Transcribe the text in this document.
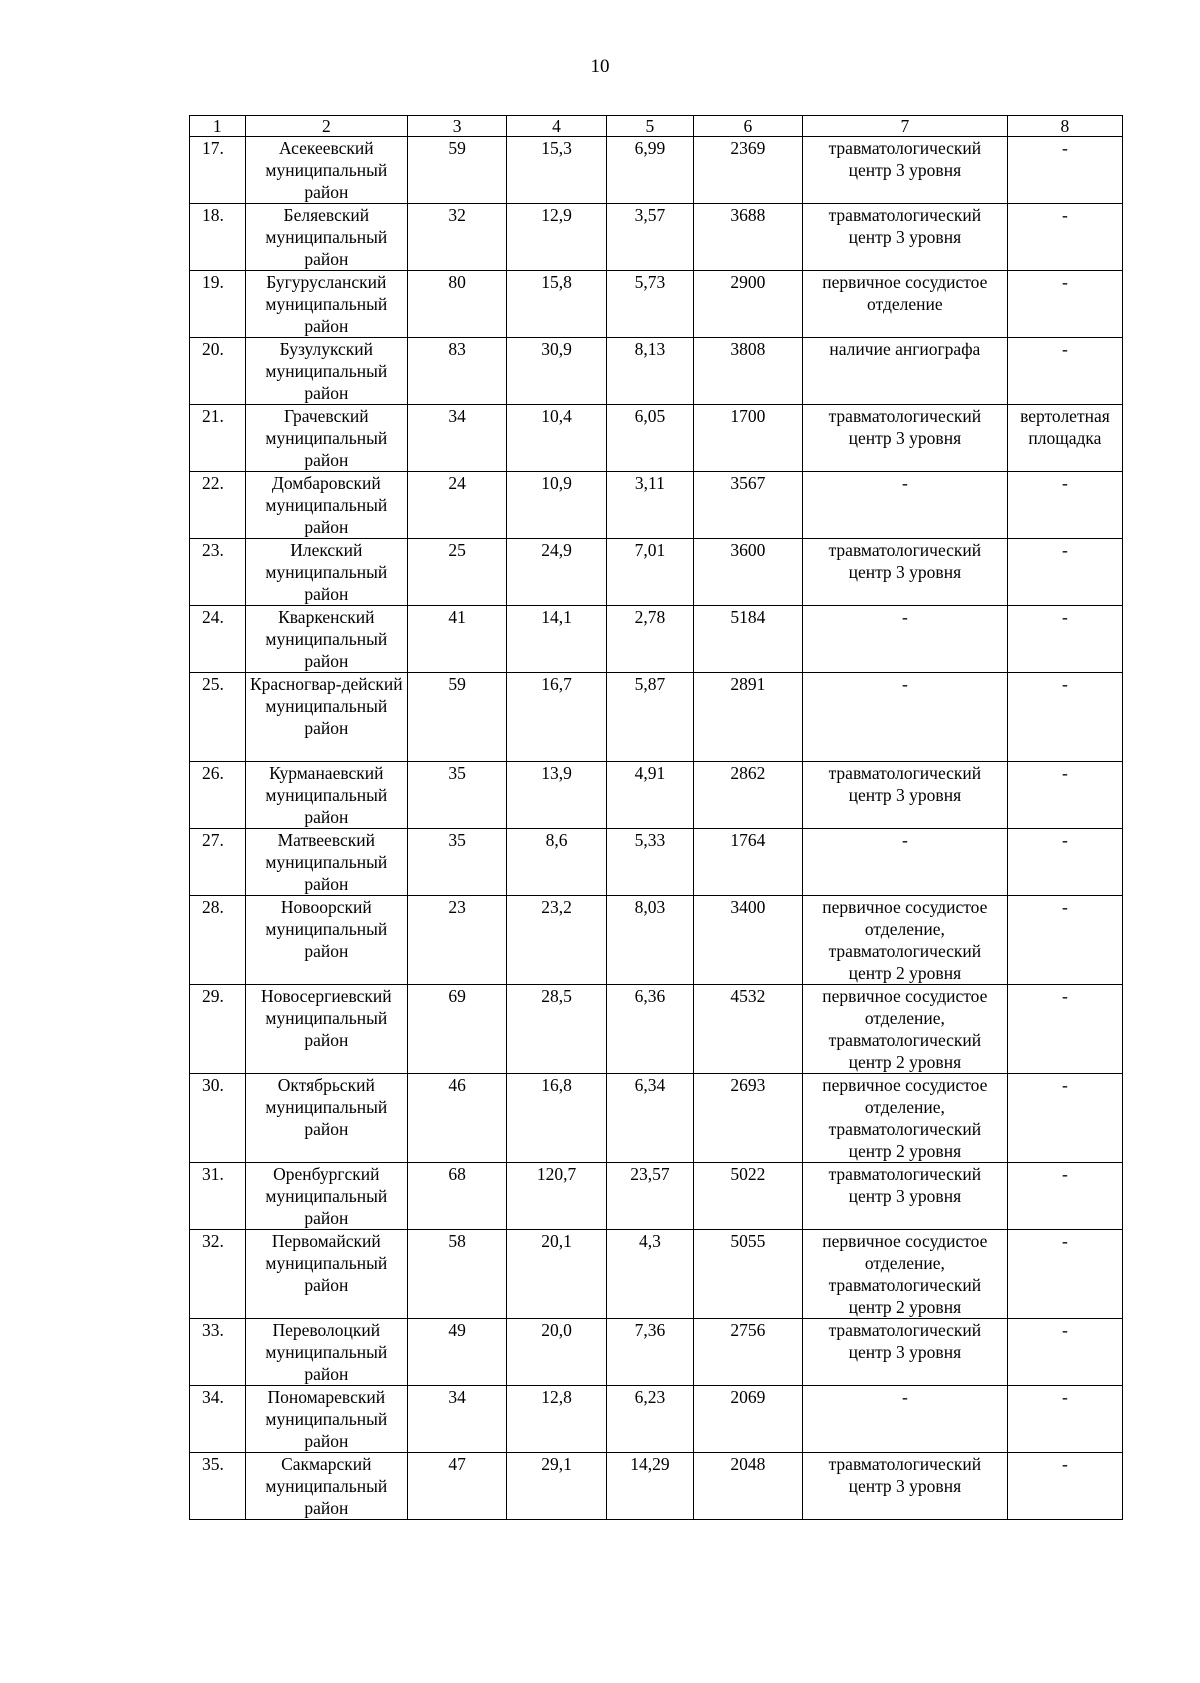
10
1	2	3	4	5	6	7	8
17.	Асекеевский муниципальный район	59	15,3	6,99	2369	травматологический центр 3 уровня	-
18.	Беляевский муниципальный район	32	12,9	3,57	3688	травматологический центр 3 уровня	-
19.	Бугурусланский муниципальный район	80	15,8	5,73	2900	первичное сосудистое отделение	-
20.	Бузулукский муниципальный район	83	30,9	8,13	3808	наличие ангиографа	-
21.	Грачевский муниципальный район	34	10,4	6,05	1700	травматологический центр 3 уровня	вертолетная площадка
22.	Домбаровский муниципальный район	24	10,9	3,11	3567	-	-
23.	Илекский муниципальный район	25	24,9	7,01	3600	травматологический центр 3 уровня	-
24.	Кваркенский муниципальный район	41	14,1	2,78	5184	-	-
25.	Красногвар-дейский муниципальный район	59	16,7	5,87	2891	-	-
26.	Курманаевский муниципальный район	35	13,9	4,91	2862	травматологический центр 3 уровня	-
27.	Матвеевский муниципальный район	35	8,6	5,33	1764	-	-
28.	Новоорский муниципальный район	23	23,2	8,03	3400	первичное сосудистое отделение, травматологический центр 2 уровня	-
29.	Новосергиевский муниципальный район	69	28,5	6,36	4532	первичное сосудистое отделение, травматологический центр 2 уровня	-
30.	Октябрьский муниципальный район	46	16,8	6,34	2693	первичное сосудистое отделение, травматологический центр 2 уровня	-
31.	Оренбургский муниципальный район	68	120,7	23,57	5022	травматологический центр 3 уровня	-
32.	Первомайский муниципальный район	58	20,1	4,3	5055	первичное сосудистое отделение, травматологический центр 2 уровня	-
33.	Переволоцкий муниципальный район	49	20,0	7,36	2756	травматологический центр 3 уровня	-
34.	Пономаревский муниципальный район	34	12,8	6,23	2069	-	-
35.	Сакмарский муниципальный район	47	29,1	14,29	2048	травматологический центр 3 уровня	-
